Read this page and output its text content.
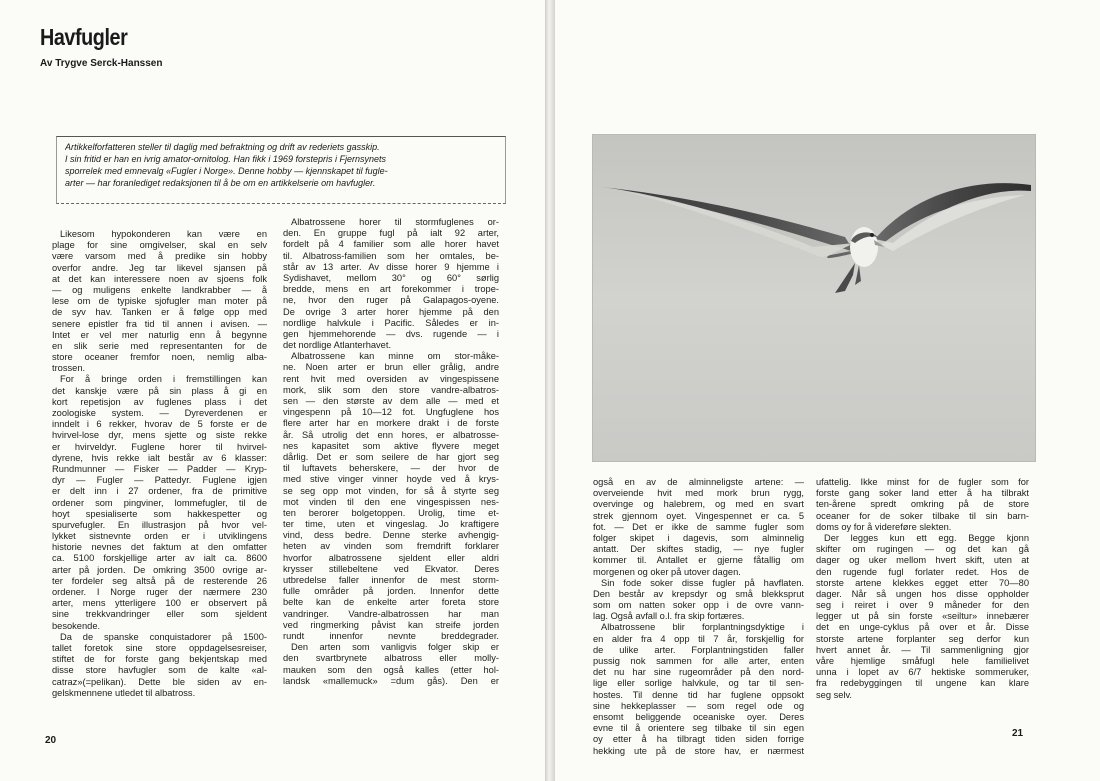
Havfugler

Av Trygve Serck-Hanssen

Artikkelforfatteren steller til daglig med befraktning og drift av rederiets gasskip.
I sin fritid er han en ivrig amator-ornitolog. Han fikk i 1969 forstepris i Fjernsynets
sporrelek med emnevalg «Fugler i Norge». Denne hobby — kjennskapet til fugle-
arter — har foranlediget redaksjonen til å be om en artikkelserie om havfugler.
Likesom hypokonderen kan være en
plage for sine omgivelser, skal en selv
være varsom med å predike sin hobby
overfor andre. Jeg tar likevel sjansen på
at det kan interessere noen av sjoens folk
— og muligens enkelte landkrabber — å
lese om de typiske sjofugler man moter på
de syv hav. Tanken er å følge opp med
senere epistler fra tid til annen i avisen. —
Intet er vel mer naturlig enn å begynne
en slik serie med representanten for de
store oceaner fremfor noen, nemlig alba-
trossen.
For å bringe orden i fremstillingen kan
det kanskje være på sin plass å gi en
kort repetisjon av fuglenes plass i det
zoologiske system. — Dyreverdenen er
inndelt i 6 rekker, hvorav de 5 forste er de
hvirvel-lose dyr, mens sjette og siste rekke
er hvirveldyr. Fuglene horer til hvirvel-
dyrene, hvis rekke ialt består av 6 klasser:
Rundmunner — Fisker — Padder — Kryp-
dyr — Fugler — Pattedyr. Fuglene igjen
er delt inn i 27 ordener, fra de primitive
ordener som pingviner, lommefugler, til de
hoyt spesialiserte som hakkespetter og
spurvefugler. En illustrasjon på hvor vel-
lykket sistnevnte orden er i utviklingens
historie nevnes det faktum at den omfatter
ca. 5100 forskjellige arter av ialt ca. 8600
arter på jorden. De omkring 3500 ovrige ar-
ter fordeler seg altså på de resterende 26
ordener. I Norge ruger der nærmere 230
arter, mens ytterligere 100 er observert på
sine trekkvandringer eller som sjeldent
besokende.
Da de spanske conquistadorer på 1500-
tallet foretok sine store oppdagelsesreiser,
stiftet de for forste gang bekjentskap med
disse store havfugler som de kalte «al-
catraz»(=pelikan). Dette ble siden av en-
gelskmennene utledet til albatross.
Albatrossene horer til stormfuglenes or-
den. En gruppe fugl på ialt 92 arter,
fordelt på 4 familier som alle horer havet
til. Albatross-familien som her omtales, be-
står av 13 arter. Av disse horer 9 hjemme i
Sydishavet, mellom 30° og 60° sørlig
bredde, mens en art forekommer i trope-
ne, hvor den ruger på Galapagos-oyene.
De ovrige 3 arter horer hjemme på den
nordlige halvkule i Pacific. Således er in-
gen hjemmehorende — dvs. rugende — i
det nordlige Atlanterhavet.
Albatrossene kan minne om stor-måke-
ne. Noen arter er brun eller grålig, andre
rent hvit med oversiden av vingespissene
mork, slik som den store vandre-albatros-
sen — den største av dem alle — med et
vingespenn på 10—12 fot. Ungfuglene hos
flere arter har en morkere drakt i de forste
år. Så utrolig det enn hores, er albatrosse-
nes kapasitet som aktive flyvere meget
dårlig. Det er som seilere de har gjort seg
til luftavets beherskere, — der hvor de
med stive vinger vinner hoyde ved å krys-
se seg opp mot vinden, for så å styrte seg
mot vinden til den ene vingespissen nes-
ten berorer bolgetoppen. Urolig, time et-
ter time, uten et vingeslag. Jo kraftigere
vind, dess bedre. Denne sterke avhengig-
heten av vinden som fremdrift forklarer
hvorfor albatrossene sjeldent eller aldri
krysser stillebeltene ved Ekvator. Deres
utbredelse faller innenfor de mest storm-
fulle områder på jorden. Innenfor dette
belte kan de enkelte arter foreta store
vandringer. Vandre-albatrossen har man
ved ringmerking påvist kan streife jorden
rundt innenfor nevnte breddegrader.
Den arten som vanligvis folger skip er
den svartbrynete albatross eller molly-
mauken som den også kalles (etter hol-
landsk «mallemuck» =dum gås). Den er
også en av de alminneligste artene: —
overveiende hvit med mork brun rygg,
overvinge og halebrem, og med en svart
strek gjennom oyet. Vingespennet er ca. 5
fot. — Det er ikke de samme fugler som
folger skipet i dagevis, som alminnelig
antatt. Der skiftes stadig, — nye fugler
kommer til. Antallet er gjerne fåtallig om
morgenen og oker på utover dagen.
Sin fode soker disse fugler på havflaten.
Den består av krepsdyr og små blekksprut
som om natten soker opp i de ovre vann-
lag. Også avfall o.l. fra skip fortæres.
Albatrossene blir forplantningsdyktige i
en alder fra 4 opp til 7 år, forskjellig for
de ulike arter. Forplantningstiden faller
pussig nok sammen for alle arter, enten
det nu har sine rugeområder på den nord-
lige eller sorlige halvkule, og tar til sen-
hostes. Til denne tid har fuglene oppsokt
sine hekkeplasser — som regel ode og
ensomt beliggende oceaniske oyer. Deres
evne til å orientere seg tilbake til sin egen
oy etter å ha tilbragt tiden siden forrige
hekking ute på de store hav, er nærmest
ufattelig. Ikke minst for de fugler som for
forste gang soker land etter å ha tilbrakt
ten-årene spredt omkring på de store
oceaner for de soker tilbake til sin barn-
doms oy for å videreføre slekten.
Der legges kun ett egg. Begge kjonn
skifter om rugingen — og det kan gå
dager og uker mellom hvert skift, uten at
den rugende fugl forlater redet. Hos de
storste artene klekkes egget etter 70—80
dager. Når så ungen hos disse oppholder
seg i reiret i over 9 måneder for den
legger ut på sin forste «seiltur» innebærer
det en unge-cyklus på over et år. Disse
storste artene forplanter seg derfor kun
hvert annet år. — Til sammenligning gjor
våre hjemlige småfugl hele familielivet
unna i lopet av 6/7 hektiske sommeruker,
fra redebyggingen til ungene kan klare
seg selv.
20
21
